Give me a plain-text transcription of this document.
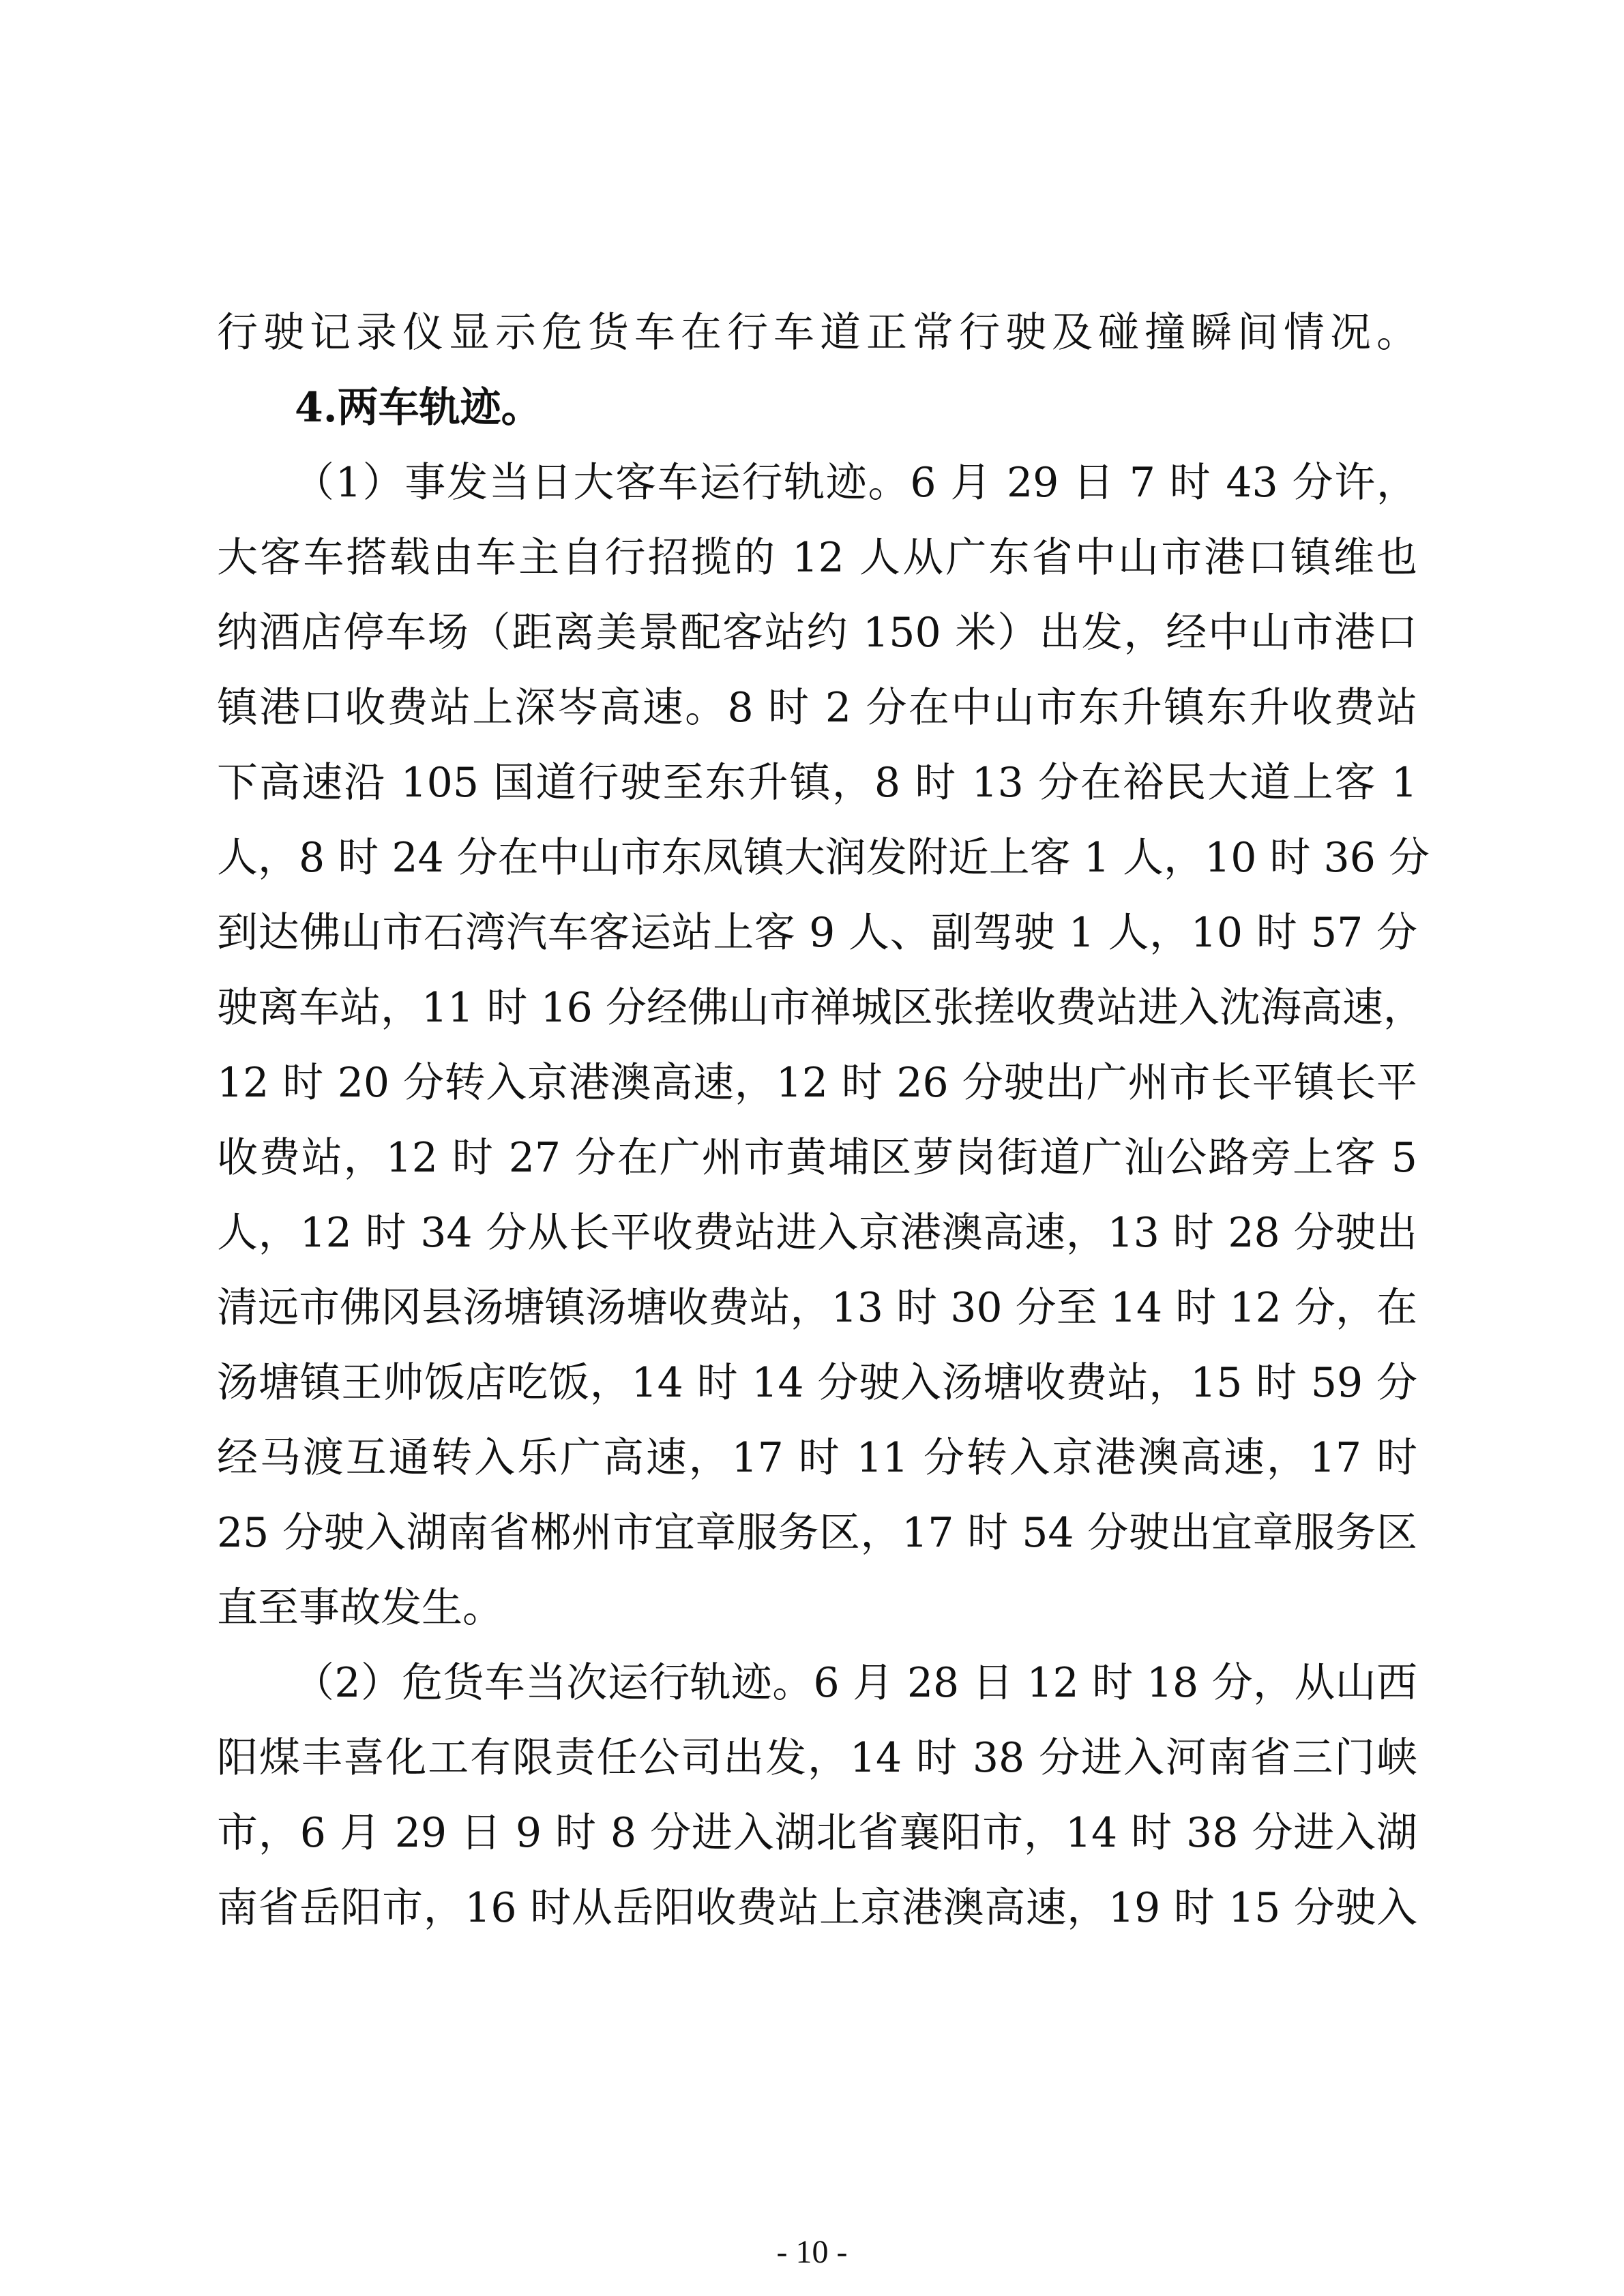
行驶记录仪显示危货车在行车道正常行驶及碰撞瞬间情况。
4.两车轨迹。
（1）事发当日大客车运行轨迹。6 月 29 日 7 时 43 分许，
大客车搭载由车主自行招揽的 12 人从广东省中山市港口镇维也
纳酒店停车场（距离美景配客站约 150 米）出发，经中山市港口
镇港口收费站上深岑高速。8 时 2 分在中山市东升镇东升收费站
下高速沿 105 国道行驶至东升镇，8 时 13 分在裕民大道上客 1
人，8 时 24 分在中山市东凤镇大润发附近上客 1 人，10 时 36 分
到达佛山市石湾汽车客运站上客 9 人、副驾驶 1 人，10 时 57 分
驶离车站，11 时 16 分经佛山市禅城区张搓收费站进入沈海高速，
12 时 20 分转入京港澳高速，12 时 26 分驶出广州市长平镇长平
收费站，12 时 27 分在广州市黄埔区萝岗街道广汕公路旁上客 5
人，12 时 34 分从长平收费站进入京港澳高速，13 时 28 分驶出
清远市佛冈县汤塘镇汤塘收费站，13 时 30 分至 14 时 12 分，在
汤塘镇王帅饭店吃饭，14 时 14 分驶入汤塘收费站，15 时 59 分
经马渡互通转入乐广高速，17 时 11 分转入京港澳高速，17 时
25 分驶入湖南省郴州市宜章服务区，17 时 54 分驶出宜章服务区
直至事故发生。
（2）危货车当次运行轨迹。6 月 28 日 12 时 18 分，从山西
阳煤丰喜化工有限责任公司出发，14 时 38 分进入河南省三门峡
市，6 月 29 日 9 时 8 分进入湖北省襄阳市，14 时 38 分进入湖
南省岳阳市，16 时从岳阳收费站上京港澳高速，19 时 15 分驶入
- 10 -
